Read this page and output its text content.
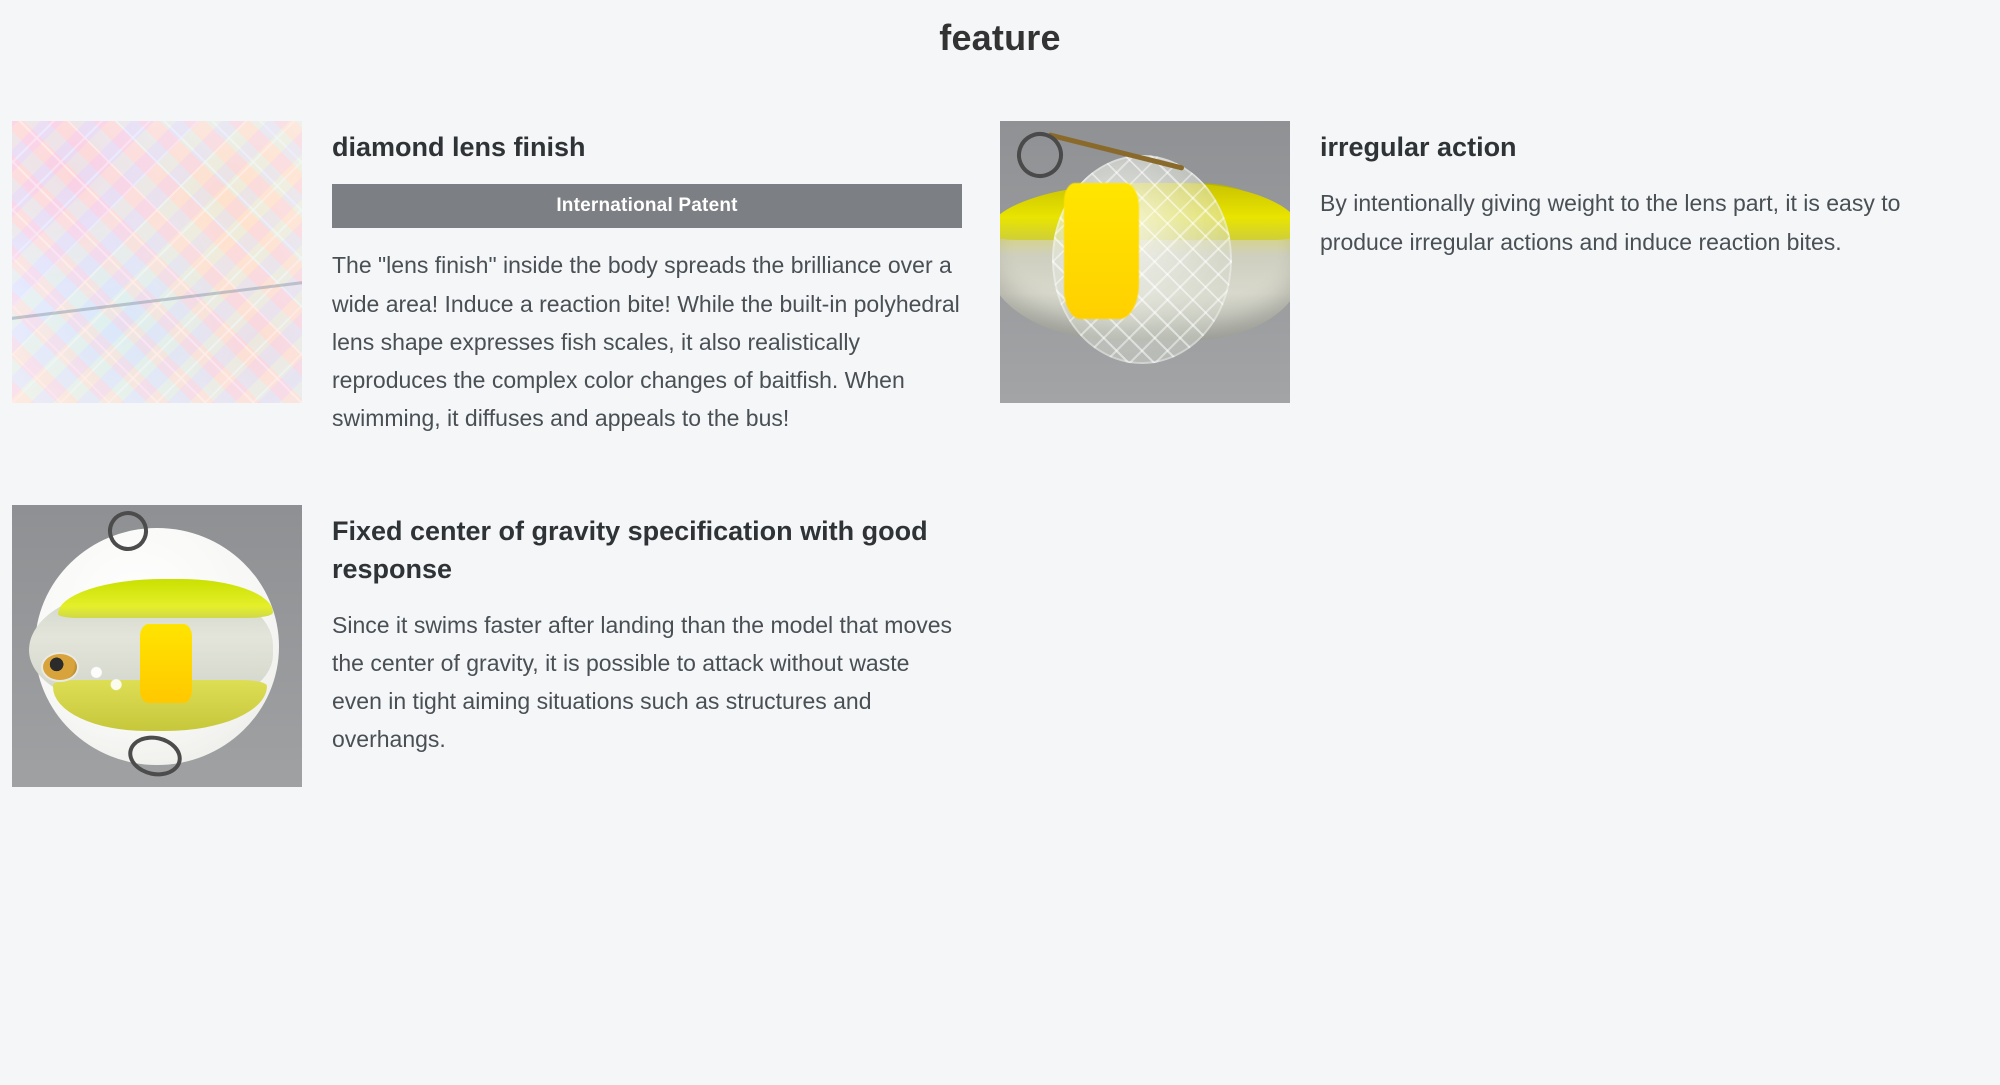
feature
diamond lens finish
International Patent

The "lens finish" inside the body spreads the brilliance over a wide area! Induce a reaction bite! While the built-in polyhedral lens shape expresses fish scales, it also realistically reproduces the complex color changes of baitfish. When swimming, it diffuses and appeals to the bus!

irregular action

By intentionally giving weight to the lens part, it is easy to produce irregular actions and induce reaction bites.

Fixed center of gravity specification with good response

Since it swims faster after landing than the model that moves the center of gravity, it is possible to attack without waste even in tight aiming situations such as structures and overhangs.
